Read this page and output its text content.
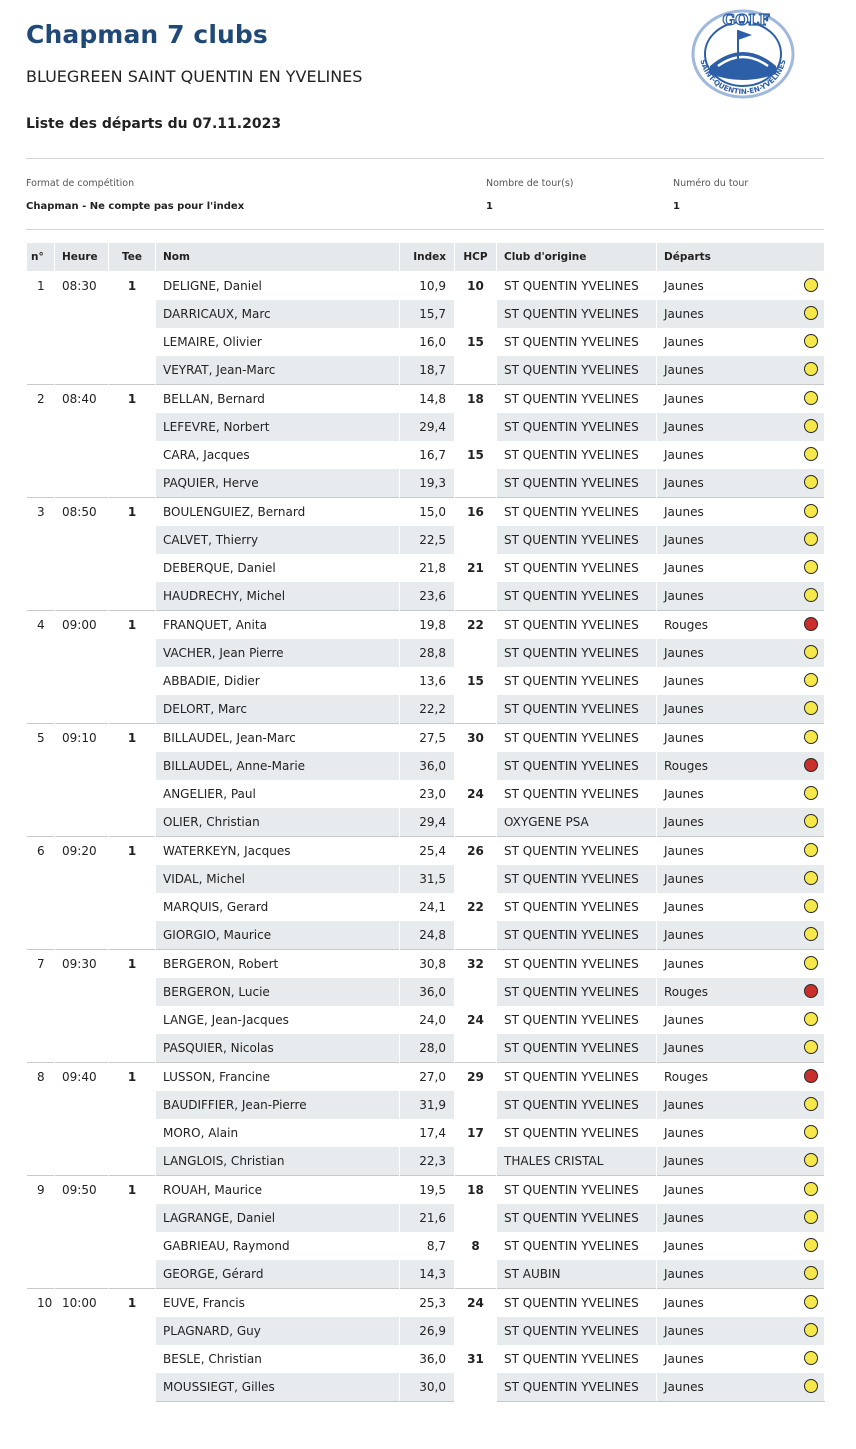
Chapman 7 clubs
BLUEGREEN SAINT QUENTIN EN YVELINES
Liste des départs du 07.11.2023
GOLF
SAINT-QUENTIN-EN-YVELINES
Format de compétition
Chapman - Ne compte pas pour l'index
Nombre de tour(s)
1
Numéro du tour
1
n°	Heure	Tee	Nom	Index	HCP	Club d'origine	Départs
1	08:30	1	DELIGNE, Daniel	10,9	10	ST QUENTIN YVELINES	Jaunes

			DARRICAUX, Marc	15,7		ST QUENTIN YVELINES	Jaunes

			LEMAIRE, Olivier	16,0	15	ST QUENTIN YVELINES	Jaunes

			VEYRAT, Jean-Marc	18,7		ST QUENTIN YVELINES	Jaunes

2	08:40	1	BELLAN, Bernard	14,8	18	ST QUENTIN YVELINES	Jaunes

			LEFEVRE, Norbert	29,4		ST QUENTIN YVELINES	Jaunes

			CARA, Jacques	16,7	15	ST QUENTIN YVELINES	Jaunes

			PAQUIER, Herve	19,3		ST QUENTIN YVELINES	Jaunes

3	08:50	1	BOULENGUIEZ, Bernard	15,0	16	ST QUENTIN YVELINES	Jaunes

			CALVET, Thierry	22,5		ST QUENTIN YVELINES	Jaunes

			DEBERQUE, Daniel	21,8	21	ST QUENTIN YVELINES	Jaunes

			HAUDRECHY, Michel	23,6		ST QUENTIN YVELINES	Jaunes

4	09:00	1	FRANQUET, Anita	19,8	22	ST QUENTIN YVELINES	Rouges

			VACHER, Jean Pierre	28,8		ST QUENTIN YVELINES	Jaunes

			ABBADIE, Didier	13,6	15	ST QUENTIN YVELINES	Jaunes

			DELORT, Marc	22,2		ST QUENTIN YVELINES	Jaunes

5	09:10	1	BILLAUDEL, Jean-Marc	27,5	30	ST QUENTIN YVELINES	Jaunes

			BILLAUDEL, Anne-Marie	36,0		ST QUENTIN YVELINES	Rouges

			ANGELIER, Paul	23,0	24	ST QUENTIN YVELINES	Jaunes

			OLIER, Christian	29,4		OXYGENE PSA	Jaunes

6	09:20	1	WATERKEYN, Jacques	25,4	26	ST QUENTIN YVELINES	Jaunes

			VIDAL, Michel	31,5		ST QUENTIN YVELINES	Jaunes

			MARQUIS, Gerard	24,1	22	ST QUENTIN YVELINES	Jaunes

			GIORGIO, Maurice	24,8		ST QUENTIN YVELINES	Jaunes

7	09:30	1	BERGERON, Robert	30,8	32	ST QUENTIN YVELINES	Jaunes

			BERGERON, Lucie	36,0		ST QUENTIN YVELINES	Rouges

			LANGE, Jean-Jacques	24,0	24	ST QUENTIN YVELINES	Jaunes

			PASQUIER, Nicolas	28,0		ST QUENTIN YVELINES	Jaunes

8	09:40	1	LUSSON, Francine	27,0	29	ST QUENTIN YVELINES	Rouges

			BAUDIFFIER, Jean-Pierre	31,9		ST QUENTIN YVELINES	Jaunes

			MORO, Alain	17,4	17	ST QUENTIN YVELINES	Jaunes

			LANGLOIS, Christian	22,3		THALES CRISTAL	Jaunes

9	09:50	1	ROUAH, Maurice	19,5	18	ST QUENTIN YVELINES	Jaunes

			LAGRANGE, Daniel	21,6		ST QUENTIN YVELINES	Jaunes

			GABRIEAU, Raymond	8,7	8	ST QUENTIN YVELINES	Jaunes

			GEORGE, Gérard	14,3		ST AUBIN	Jaunes

10	10:00	1	EUVE, Francis	25,3	24	ST QUENTIN YVELINES	Jaunes

			PLAGNARD, Guy	26,9		ST QUENTIN YVELINES	Jaunes

			BESLE, Christian	36,0	31	ST QUENTIN YVELINES	Jaunes

			MOUSSIEGT, Gilles	30,0		ST QUENTIN YVELINES	Jaunes
